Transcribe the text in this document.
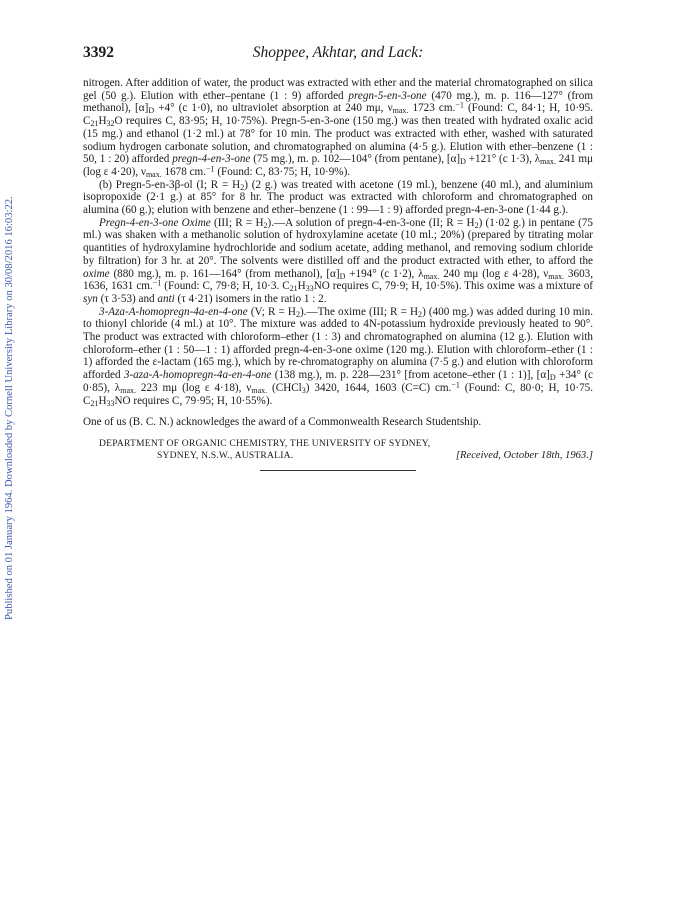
Published on 01 January 1964. Downloaded by Cornell University Library on 30/08/2016 16:03:22.
Shoppee, Akhtar, and Lack:
3392

nitrogen. After addition of water, the product was extracted with ether and the material chromatographed on silica gel (50 g.). Elution with ether–pentane (1 : 9) afforded pregn-5-en-3-one (470 mg.), m. p. 116—127° (from methanol), $[\alpha]_D +4^\circ$ (c 1·0), no ultraviolet absorption at 240 mμ, $\nu_{max.}$ 1723 cm.$^{-1}$ (Found: C, 84·1; H, 10·95. $C_{21}H_{32}O$ requires C, 83·95; H, 10·75%). Pregn-5-en-3-one (150 mg.) was then treated with hydrated oxalic acid (15 mg.) and ethanol (1·2 ml.) at 78° for 10 min. The product was extracted with ether, washed with saturated sodium hydrogen carbonate solution, and chromatographed on alumina (4·5 g.). Elution with ether–benzene (1 : 50, 1 : 20) afforded pregn-4-en-3-one (75 mg.), m. p. 102—104° (from pentane), $[\alpha]_D +121^\circ$ (c 1·3), $\lambda_{max.}$ 241 mμ (log ε 4·20), $\nu_{max.}$ 1678 cm.$^{-1}$ (Found: C, 83·75; H, 10·9%).

(b) Pregn-5-en-3β-ol (I; $R = H_2$) (2 g.) was treated with acetone (19 ml.), benzene (40 ml.), and aluminium isopropoxide (2·1 g.) at 85° for 8 hr. The product was extracted with chloroform and chromatographed on alumina (60 g.); elution with benzene and ether–benzene (1 : 99—1 : 9) afforded pregn-4-en-3-one (1·44 g.).

Pregn-4-en-3-one Oxime (III; $R = H_2).—A$ solution of pregn-4-en-3-one (II; $R = H_2$) (1·02 g.) in pentane (75 ml.) was shaken with a methanolic solution of hydroxylamine acetate (10 ml.; 20%) (prepared by titrating molar quantities of hydroxylamine hydrochloride and sodium acetate, adding methanol, and removing sodium chloride by filtration) for 3 hr. at 20°. The solvents were distilled off and the product extracted with ether, to afford the oxime (880 mg.), m. p. 161—164° (from methanol), $[\alpha]_D +194^\circ$ (c 1·2), $\lambda_{max.}$ 240 mμ (log ε 4·28), $\nu_{max.}$ 3603, 1636, 1631 cm.$^{-1}$ (Found: C, 79·8; H, 10·3. $C_{21}H_{33}NO$ requires C, 79·9; H, 10·5%). This oxime was a mixture of syn (τ 3·53) and anti (τ 4·21) isomers in the ratio 1 : 2.

3-Aza-A-homopregn-4a-en-4-one (V; $R = H_2).—The$ oxime (III; $R = H_2$) (400 mg.) was added during 10 min. to thionyl chloride (4 ml.) at 10°. The mixture was added to 4N-potassium hydroxide previously heated to 90°. The product was extracted with chloroform–ether (1 : 3) and chromatographed on alumina (12 g.). Elution with chloroform–ether (1 : 50—1 : 1) afforded pregn-4-en-3-one oxime (120 mg.). Elution with chloroform–ether (1 : 1) afforded the ε-lactam (165 mg.), which by re-chromatography on alumina (7·5 g.) and elution with chloroform afforded 3-aza-A-homopregn-4a-en-4-one (138 mg.), m. p. 228—231° [from acetone–ether (1 : 1)], $[\alpha]_D +34^\circ$ (c 0·85), $\lambda_{max.}$ 223 mμ (log ε 4·18), $\nu_{max.}$ (CHCl$_3$) 3420, 1644, 1603 (C=C) cm.$^{-1}$ (Found: C, 80·0; H, 10·75. $C_{21}H_{33}NO$ requires C, 79·95; H, 10·55%).

One of us (B. C. N.) acknowledges the award of a Commonwealth Research Studentship.

DEPARTMENT OF ORGANIC CHEMISTRY, THE UNIVERSITY OF SYDNEY,
SYDNEY, N.S.W., AUSTRALIA.	[Received, October 18th, 1963.]
